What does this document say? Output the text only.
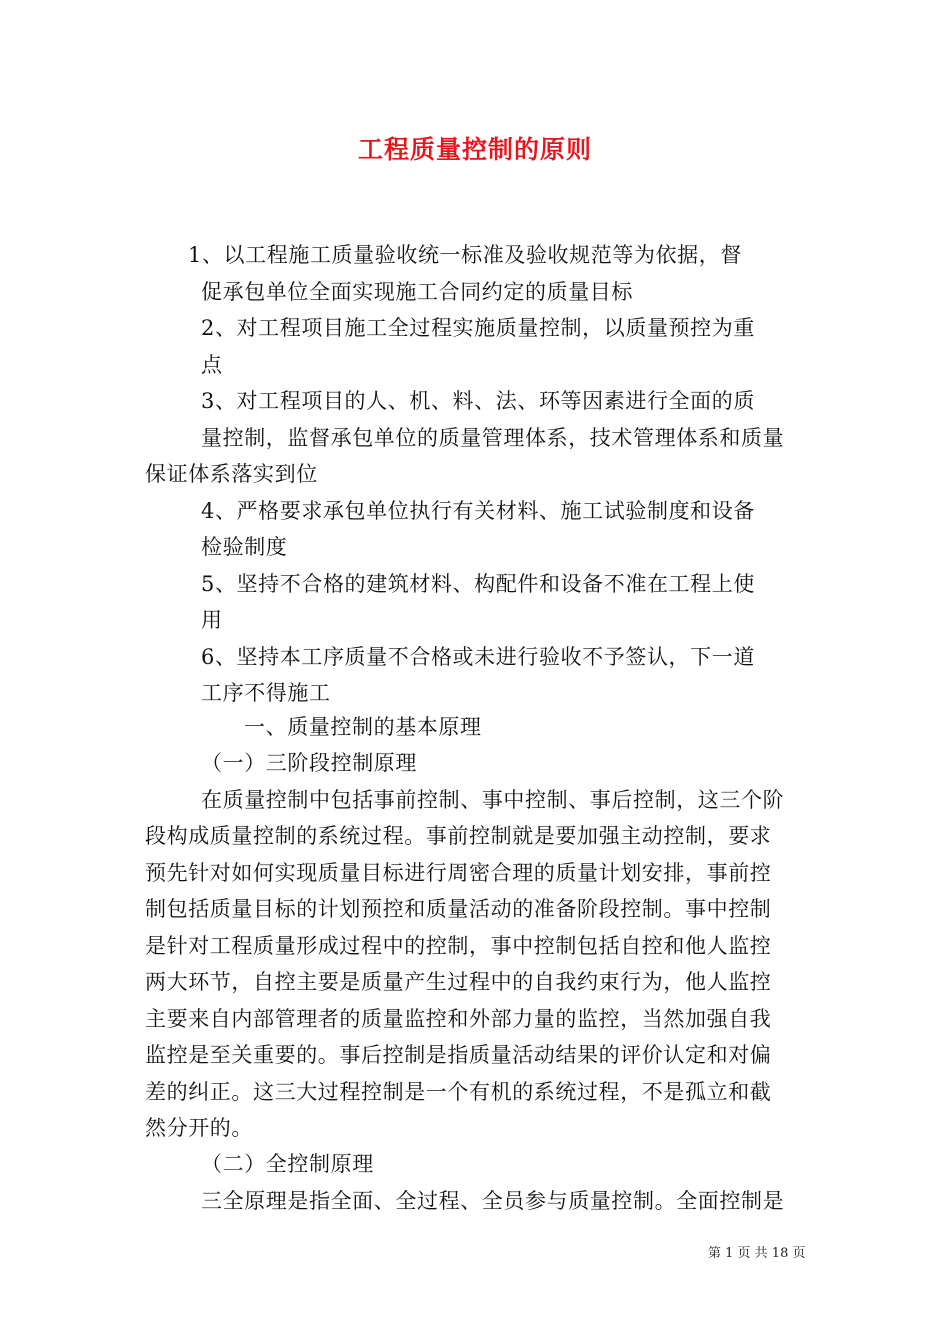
工程质量控制的原则
1、以工程施工质量验收统一标准及验收规范等为依据，督
促承包单位全面实现施工合同约定的质量目标
2、对工程项目施工全过程实施质量控制，以质量预控为重
点
3、对工程项目的人、机、料、法、环等因素进行全面的质
量控制，监督承包单位的质量管理体系，技术管理体系和质量
保证体系落实到位
4、严格要求承包单位执行有关材料、施工试验制度和设备
检验制度
5、坚持不合格的建筑材料、构配件和设备不准在工程上使
用
6、坚持本工序质量不合格或未进行验收不予签认，下一道
工序不得施工
一、质量控制的基本原理
（一）三阶段控制原理
在质量控制中包括事前控制、事中控制、事后控制，这三个阶
段构成质量控制的系统过程。事前控制就是要加强主动控制，要求
预先针对如何实现质量目标进行周密合理的质量计划安排，事前控
制包括质量目标的计划预控和质量活动的准备阶段控制。事中控制
是针对工程质量形成过程中的控制，事中控制包括自控和他人监控
两大环节，自控主要是质量产生过程中的自我约束行为，他人监控
主要来自内部管理者的质量监控和外部力量的监控，当然加强自我
监控是至关重要的。事后控制是指质量活动结果的评价认定和对偏
差的纠正。这三大过程控制是一个有机的系统过程，不是孤立和截
然分开的。
（二）全控制原理
三全原理是指全面、全过程、全员参与质量控制。全面控制是
第 1 页 共 18 页
